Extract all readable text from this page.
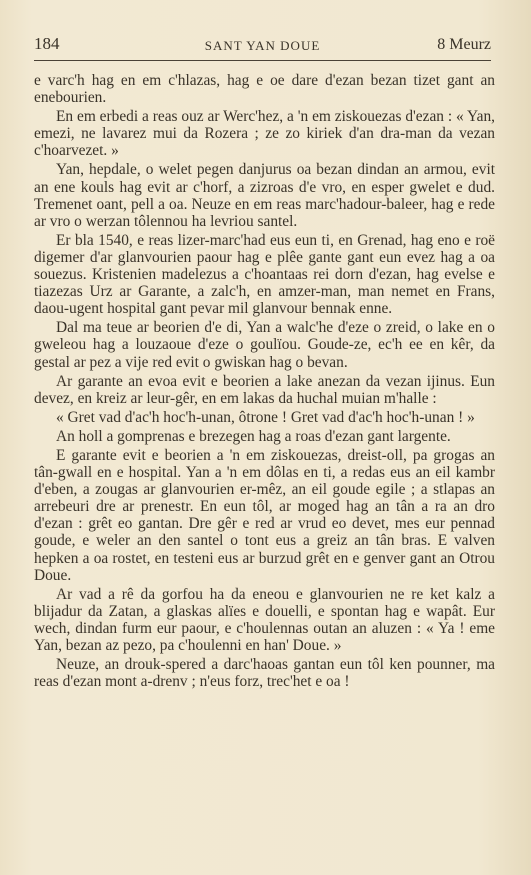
184	SANT YAN DOUE	8 Meurz

e varc'h hag en em c'hlazas, hag e oe dare d'ezan bezan tizet gant an enebourien.

En em erbedi a reas ouz ar Werc'hez, a 'n em ziskouezas d'ezan : « Yan, emezi, ne lavarez mui da Rozera ; ze zo kiriek d'an dra-man da vezan c'hoarvezet. »

Yan, hepdale, o welet pegen danjurus oa bezan dindan an armou, evit an ene kouls hag evit ar c'horf, a zizroas d'e vro, en esper gwelet e dud. Tremenet oant, pell a oa. Neuze en em reas marc'hadour-baleer, hag e rede ar vro o werzan tôlennou ha levriou santel.

Er bla 1540, e reas lizer-marc'had eus eun ti, en Grenad, hag eno e roë digemer d'ar glanvourien paour hag e plêe gante gant eun evez hag a oa souezus. Kristenien madelezus a c'hoantaas rei dorn d'ezan, hag evelse e tiazezas Urz ar Garante, a zalc'h, en amzer-man, man nemet en Frans, daou-ugent hospital gant pevar mil glanvour bennak enne.

Dal ma teue ar beorien d'e di, Yan a walc'he d'eze o zreid, o lake en o gweleou hag a louzaoue d'eze o goulïou. Goude-ze, ec'h ee en kêr, da gestal ar pez a vije red evit o gwiskan hag o bevan.

Ar garante an evoa evit e beorien a lake anezan da vezan ijinus. Eun devez, en kreiz ar leur-gêr, en em lakas da huchal muian m'halle :

« Gret vad d'ac'h hoc'h-unan, ôtrone ! Gret vad d'ac'h hoc'h-unan ! »

An holl a gomprenas e brezegen hag a roas d'ezan gant largente.

E garante evit e beorien a 'n em ziskouezas, dreist-oll, pa grogas an tân-gwall en e hospital. Yan a 'n em dôlas en ti, a redas eus an eil kambr d'eben, a zougas ar glanvourien er-mêz, an eil goude egile ; a stlapas an arrebeuri dre ar prenestr. En eun tôl, ar moged hag an tân a ra an dro d'ezan : grêt eo gantan. Dre gêr e red ar vrud eo devet, mes eur pennad goude, e weler an den santel o tont eus a greiz an tân bras. E valven hepken a oa rostet, en testeni eus ar burzud grêt en e genver gant an Otrou Doue.

Ar vad a rê da gorfou ha da eneou e glanvourien ne re ket kalz a blijadur da Zatan, a glaskas alïes e douelli, e spontan hag e wapât. Eur wech, dindan furm eur paour, e c'houlennas outan an aluzen : « Ya ! eme Yan, bezan az pezo, pa c'houlenni en han' Doue. »

Neuze, an drouk-spered a darc'haoas gantan eun tôl ken pounner, ma reas d'ezan mont a-drenv ; n'eus forz, trec'het e oa !
